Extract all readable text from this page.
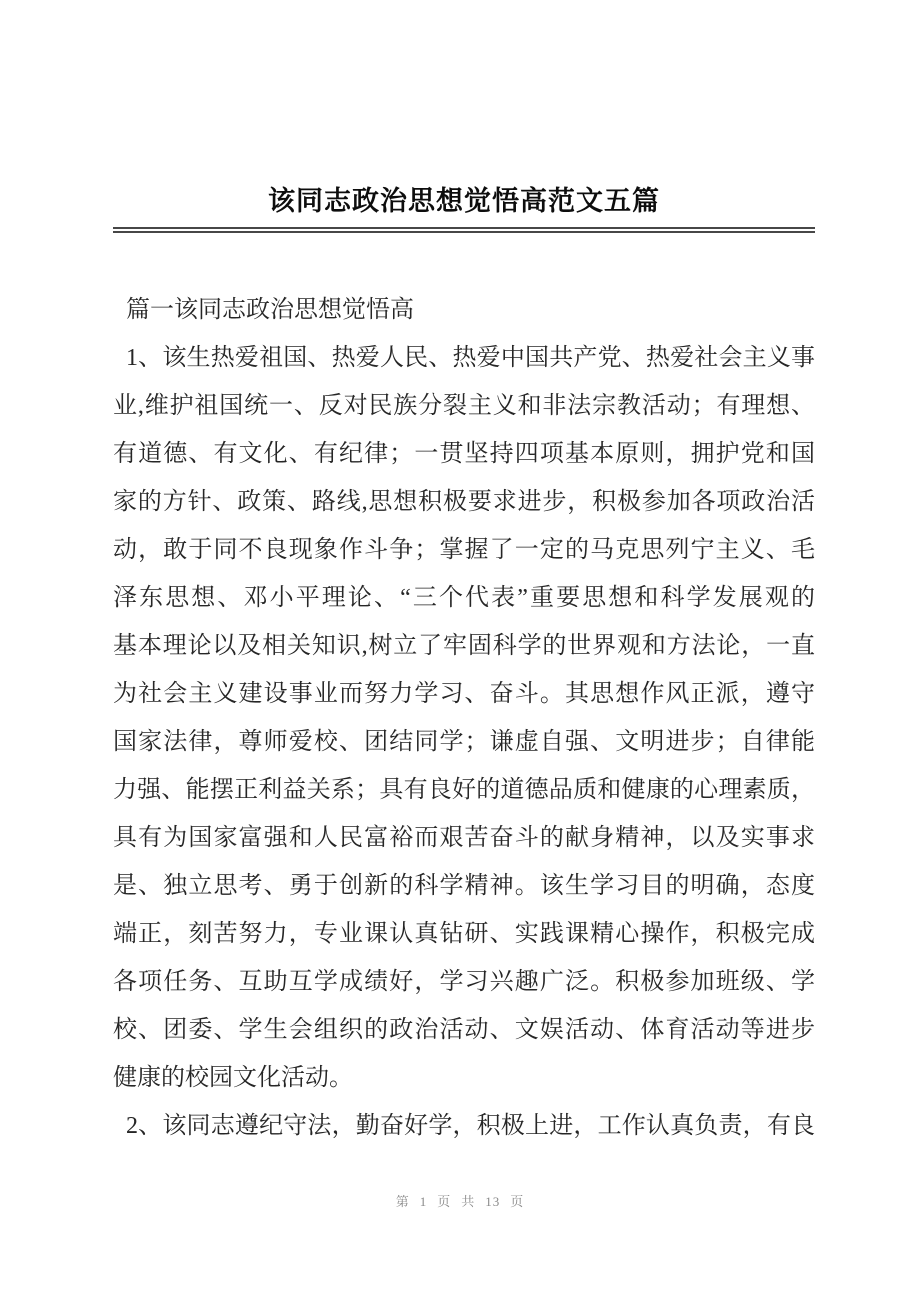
该同志政治思想觉悟高范文五篇
篇一该同志政治思想觉悟高
1、该生热爱祖国、热爱人民、热爱中国共产党、热爱社会主义事
业,维护祖国统一、反对民族分裂主义和非法宗教活动；有理想、
有道德、有文化、有纪律；一贯坚持四项基本原则，拥护党和国
家的方针、政策、路线,思想积极要求进步，积极参加各项政治活
动，敢于同不良现象作斗争；掌握了一定的马克思列宁主义、毛
泽东思想、邓小平理论、“三个代表”重要思想和科学发展观的
基本理论以及相关知识,树立了牢固科学的世界观和方法论，一直
为社会主义建设事业而努力学习、奋斗。其思想作风正派，遵守
国家法律，尊师爱校、团结同学；谦虚自强、文明进步；自律能
力强、能摆正利益关系；具有良好的道德品质和健康的心理素质，
具有为国家富强和人民富裕而艰苦奋斗的献身精神，以及实事求
是、独立思考、勇于创新的科学精神。该生学习目的明确，态度
端正，刻苦努力，专业课认真钻研、实践课精心操作，积极完成
各项任务、互助互学成绩好，学习兴趣广泛。积极参加班级、学
校、团委、学生会组织的政治活动、文娱活动、体育活动等进步
健康的校园文化活动。
2、该同志遵纪守法，勤奋好学，积极上进，工作认真负责，有良
第 1 页 共 13 页
